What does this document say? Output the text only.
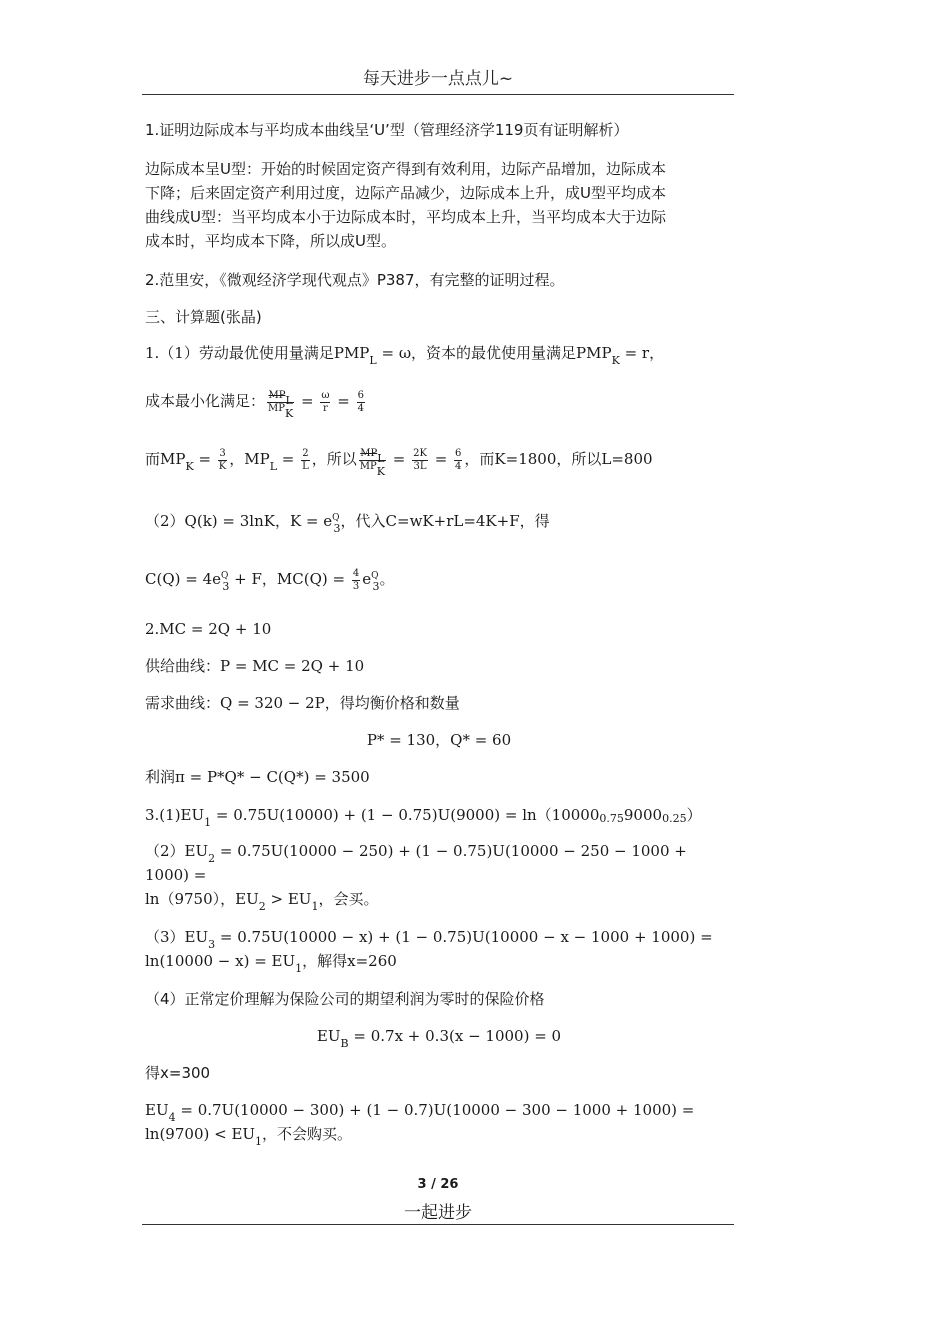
每天进步一点点儿~

1.证明边际成本与平均成本曲线呈‘U’型（管理经济学119页有证明解析）

边际成本呈U型：开始的时候固定资产得到有效利用，边际产品增加，边际成本

下降；后来固定资产利用过度，边际产品减少，边际成本上升，成U型平均成本

曲线成U型：当平均成本小于边际成本时，平均成本上升，当平均成本大于边际

成本时，平均成本下降，所以成U型。

2.范里安，《微观经济学现代观点》P387，有完整的证明过程。

三、计算题(张晶)

1.（1）劳动最优使用量满足$PMP_L = \omega$，资本的最优使用量满足$PMP_K = r$，

成本最小化满足： $\frac{\text{MPL}}{\text{MPK}} = \frac{\omega}{r} = \frac{6}{4}$

而$MP_K = \frac{3}{K}$ ，$MP_L = \frac{2}{L}$ ，所以 $\frac{\text{MPL}}{\text{MPK}} = \frac{2K}{3L} = \frac{6}{4}$ ，而K=1800，所以L=800

（2）Q(k) = 3lnK，$K = e^Q_3$，代入C=wK+rL=4K+F，得

$C(Q) = 4e^Q_3 + F$，$MC(Q) = \frac{4}{3} e^Q_3$。

2.MC = 2Q + 10

供给曲线：P = MC = 2Q + 10

需求曲线：Q = 320 − 2P，得均衡价格和数量

P* = 130，Q* = 60

利润π = P*Q* − C(Q*) = 3500

$3.(1)EU_1 = 0.75U(10000) + (1 - 0.75)U(9000) = \ln(100000.7590000.25)$

$(2)EU_2 = 0.75U(10000 - 250) + (1 - 0.75)U(10000 - 250 - 1000 + 1000)$ =

ln（9750），$EU_2 > EU_1$，会买。

$(3)EU_3 = 0.75U(10000 - x) + (1 - 0.75)U(10000 - x - 1000 + 1000)$ =

$\ln(10000 - x) = EU_1$，解得x=260

（4）正常定价理解为保险公司的期望利润为零时的保险价格

$EU_B = 0.7x + 0.3(x - 1000) = 0$

得x=300

$EU_4 = 0.7U(10000 - 300) + (1 - 0.7)U(10000 - 300 - 1000 + 1000)$ =

$\ln(9700) < EU_1$，不会购买。

3 / 26
一起进步
